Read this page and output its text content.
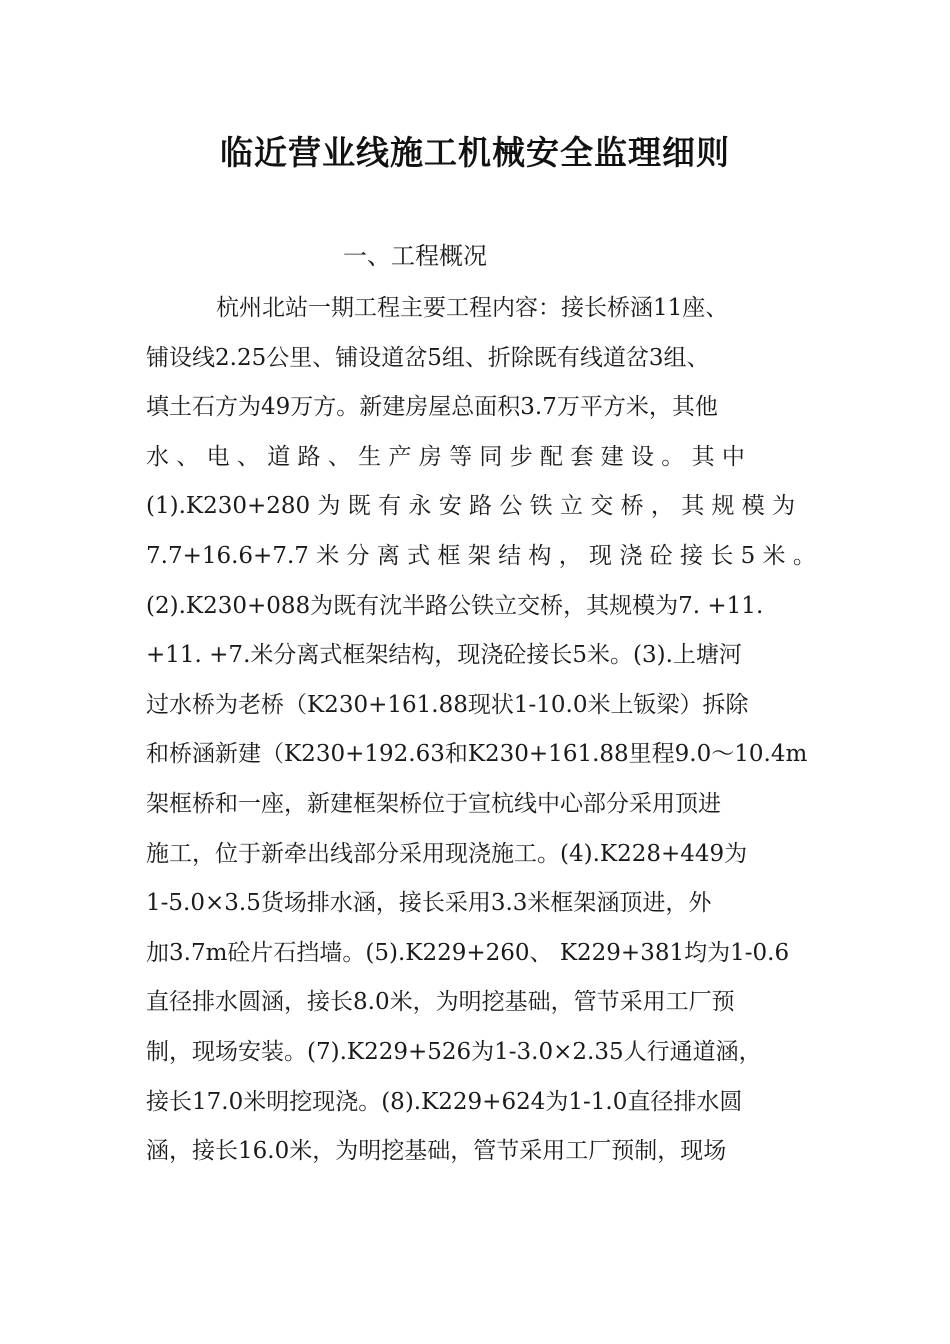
临近营业线施工机械安全监理细则

一、工程概况

杭州北站一期工程主要工程内容：接长桥涵11座、
铺设线2.25公里、铺设道岔5组、折除既有线道岔3组、
填土石方为49万方。新建房屋总面积3.7万平方米，其他
水 、 电 、 道 路 、 生 产 房 等 同 步 配 套 建 设 。 其 中
(1).K230+280 为 既 有 永 安 路 公 铁 立 交 桥 ， 其 规 模 为
7.7+16.6+7.7 米 分 离 式 框 架 结 构 ， 现 浇 砼 接 长 5 米 。
(2).K230+088为既有沈半路公铁立交桥，其规模为7. +11.
+11. +7.米分离式框架结构，现浇砼接长5米。(3).上塘河
过水桥为老桥（K230+161.88现状1-10.0米上钣梁）拆除
和桥涵新建（K230+192.63和K230+161.88里程9.0～10.4m
架框桥和一座，新建框架桥位于宣杭线中心部分采用顶进
施工，位于新牵出线部分采用现浇施工。(4).K228+449为
1-5.0×3.5货场排水涵，接长采用3.3米框架涵顶进，外
加3.7m砼片石挡墙。(5).K229+260、 K229+381均为1-0.6
直径排水圆涵，接长8.0米，为明挖基础，管节采用工厂预
制，现场安装。(7).K229+526为1-3.0×2.35人行通道涵，
接长17.0米明挖现浇。(8).K229+624为1-1.0直径排水圆
涵，接长16.0米，为明挖基础，管节采用工厂预制，现场
